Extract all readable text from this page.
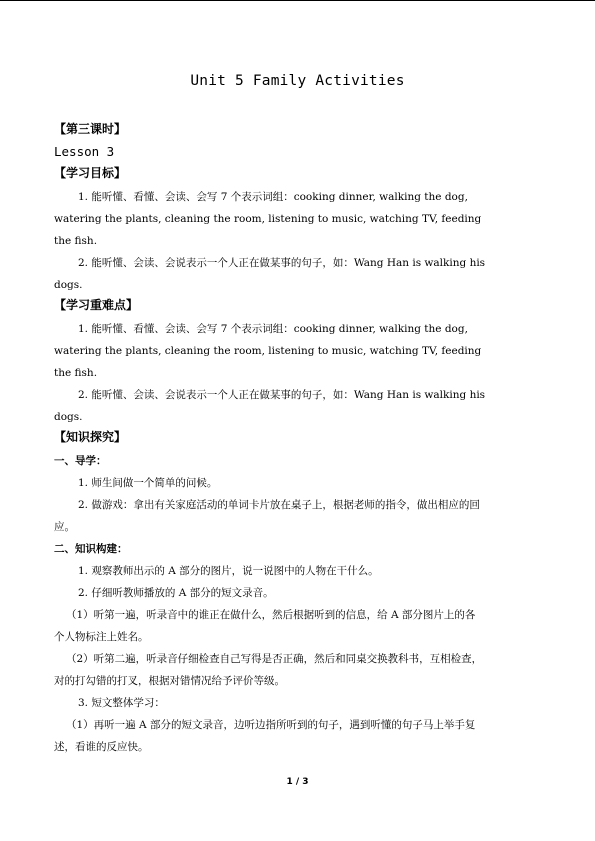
Unit 5 Family Activities
【第三课时】
Lesson 3
【学习目标】
1. 能听懂、看懂、会读、会写 7 个表示词组：cooking dinner, walking the dog,
watering the plants, cleaning the room, listening to music, watching TV, feeding
the fish.
2. 能听懂、会读、会说表示一个人正在做某事的句子，如：Wang Han is walking his
dogs.
【学习重难点】
1. 能听懂、看懂、会读、会写 7 个表示词组：cooking dinner, walking the dog,
watering the plants, cleaning the room, listening to music, watching TV, feeding
the fish.
2. 能听懂、会读、会说表示一个人正在做某事的句子，如：Wang Han is walking his
dogs.
【知识探究】
一、导学：
1. 师生间做一个简单的问候。
2. 做游戏：拿出有关家庭活动的单词卡片放在桌子上，根据老师的指令，做出相应的回
应。
二、知识构建：
1. 观察教师出示的 A 部分的图片，说一说图中的人物在干什么。
2. 仔细听教师播放的 A 部分的短文录音。
（1）听第一遍，听录音中的谁正在做什么，然后根据听到的信息，给 A 部分图片上的各
个人物标注上姓名。
（2）听第二遍，听录音仔细检查自己写得是否正确，然后和同桌交换教科书，互相检查，
对的打勾错的打叉，根据对错情况给予评价等级。
3. 短文整体学习：
（1）再听一遍 A 部分的短文录音，边听边指所听到的句子，遇到听懂的句子马上举手复
述，看谁的反应快。
1 / 3
